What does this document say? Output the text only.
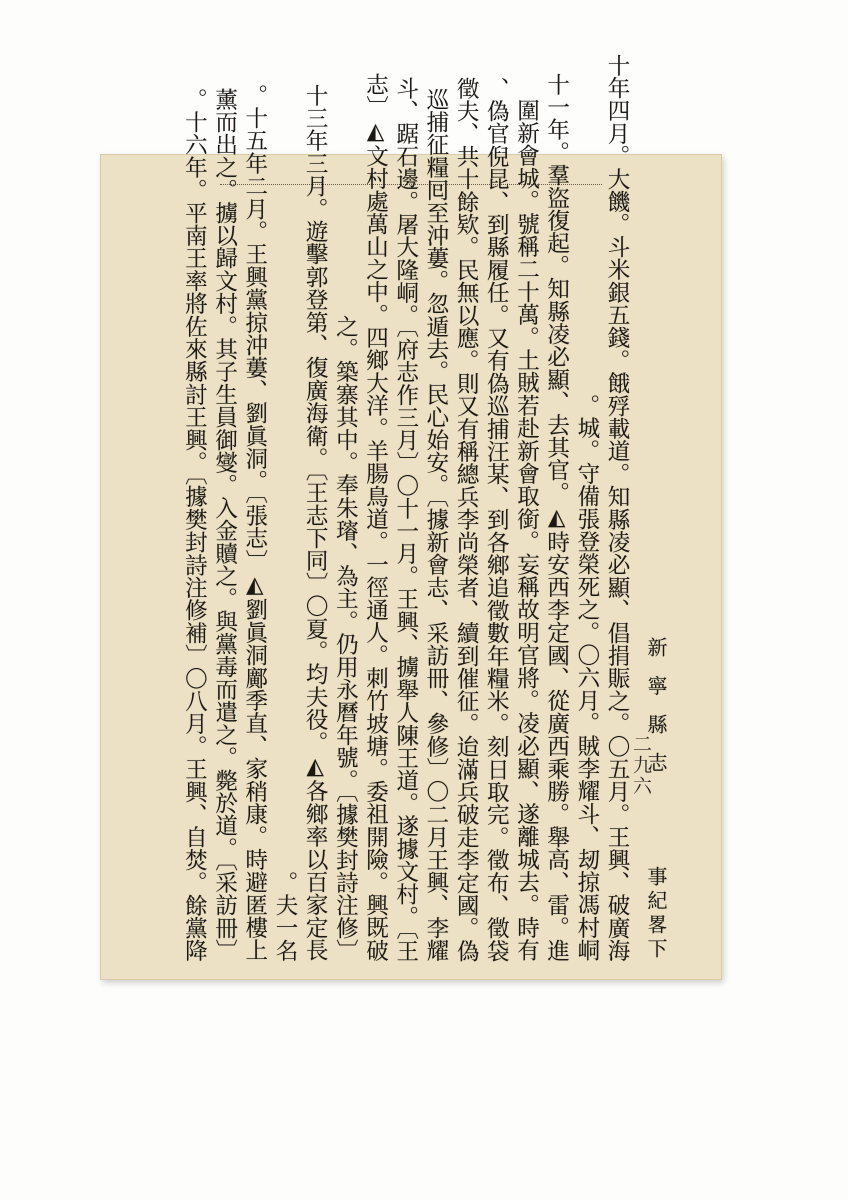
新 寧 縣 志事紀畧下
十年四月。大饑。斗米銀五錢。餓殍載道。知縣凌必顯、倡捐賑之。〇五月。王興、破廣海
城。守備張登榮死之。〇六月。賊李耀斗、刼掠馮村峒。
十一年。羣盜復起。知縣凌必顯、去其官。◭時安西李定國、從廣西乘勝。舉高、雷。進
圍新會城。號稱二十萬。土賊若赴新會取銜。妄稱故明官將。凌必顯、遂離城去。時有
偽官倪昆、到縣履任。又有偽巡捕汪某、到各鄉追徵數年糧米。刻日取完。徵布、徵袋、
徵夫、共十餘欵。民無以應。則又有稱總兵李尚榮者、續到催征。迨滿兵破走李定國。偽
巡捕征糧囘至沖蔞。忽遁去。民心始安。〔據新會志、采訪冊、參修〕〇二月王興、李耀
斗、踞石邊。屠大隆峒。〔府志作三月〕〇十一月。王興、擄舉人陳王道。遂據文村。〔王
志〕◭文村處萬山之中。四鄉大洋。羊腸鳥道。一徑通人。刺竹坡塘。委祖開險。興既破
之。築寨其中。奉朱𤪓、為主。仍用永曆年號。〔據樊封詩注修〕
十三年三月。遊擊郭登第、復廣海衛。〔王志下同〕〇夏。均夫役。◭各鄉率以百家定長
夫一名。
十五年二月。王興黨掠沖蔞、劉眞洞。〔張志〕◭劉眞洞鄺季直、家稍康。時避匿樓上。
薰而出之。擄以歸文村。其子生員御燮。入金贖之。與黨毒而遣之。斃於道。〔采訪冊〕
十六年。平南王率將佐來縣討王興。〔據樊封詩注修補〕〇八月。王興、自焚。餘黨降。	二九六
